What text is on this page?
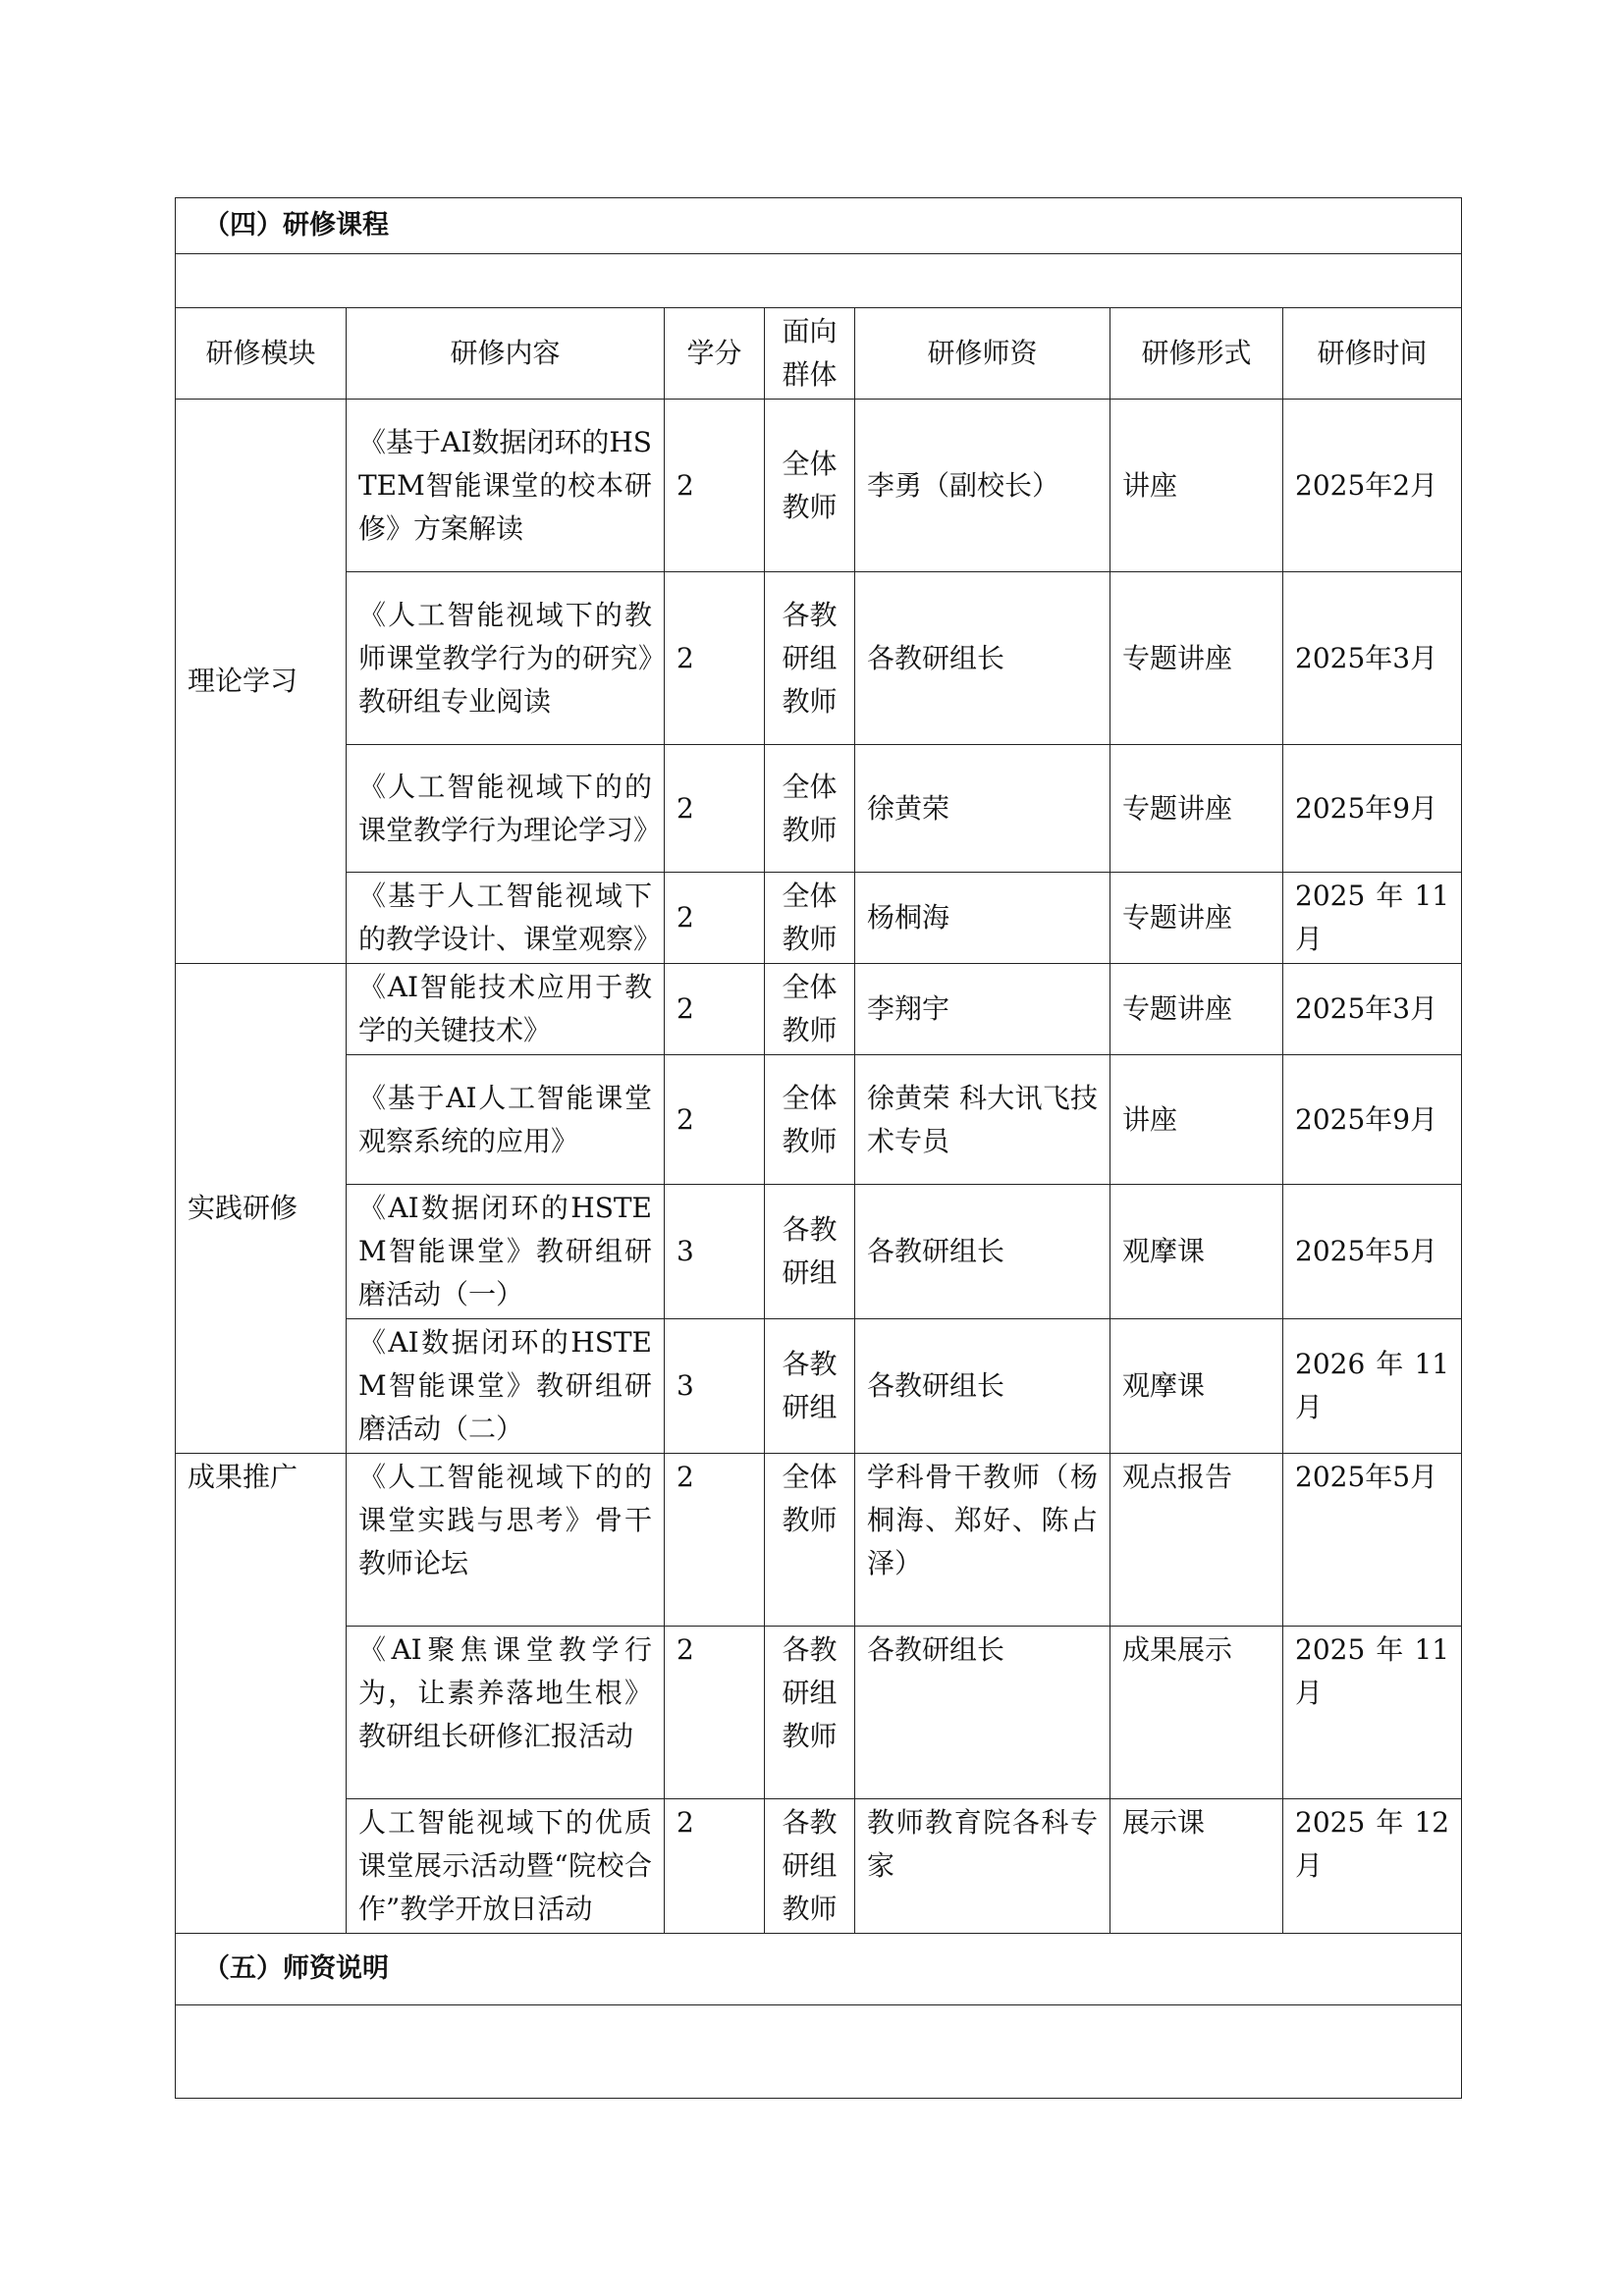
（四）研修课程						

研修模块	研修内容	学分	面向群体	研修师资	研修形式	研修时间
理论学习	《基于AI数据闭环的HSTEM智能课堂的校本研修》方案解读	2	全体教师	李勇（副校长）	讲座	2025年2月
	《人工智能视域下的教师课堂教学行为的研究》教研组专业阅读	2	各教研组教师	各教研组长	专题讲座	2025年3月
	《人工智能视域下的的课堂教学行为理论学习》	2	全体教师	徐黄荣	专题讲座	2025年9月
	《基于人工智能视域下的教学设计、课堂观察》	2	全体教师	杨桐海	专题讲座	2025年11月
实践研修	《AI智能技术应用于教学的关键技术》	2	全体教师	李翔宇	专题讲座	2025年3月
	《基于AI人工智能课堂观察系统的应用》	2	全体教师	徐黄荣 科大讯飞技术专员	讲座	2025年9月
	《AI数据闭环的HSTEM智能课堂》教研组研磨活动（一）	3	各教研组	各教研组长	观摩课	2025年5月
	《AI数据闭环的HSTEM智能课堂》教研组研磨活动（二）	3	各教研组	各教研组长	观摩课	2026年11月
成果推广	《人工智能视域下的的课堂实践与思考》骨干教师论坛	2	全体教师	学科骨干教师（杨桐海、郑好、陈占泽）	观点报告	2025年5月
	《AI聚焦课堂教学行为，让素养落地生根》教研组长研修汇报活动	2	各教研组教师	各教研组长	成果展示	2025年11月
	人工智能视域下的优质课堂展示活动暨“院校合作”教学开放日活动	2	各教研组教师	教师教育院各科专家	展示课	2025年12月
（五）师资说明						
